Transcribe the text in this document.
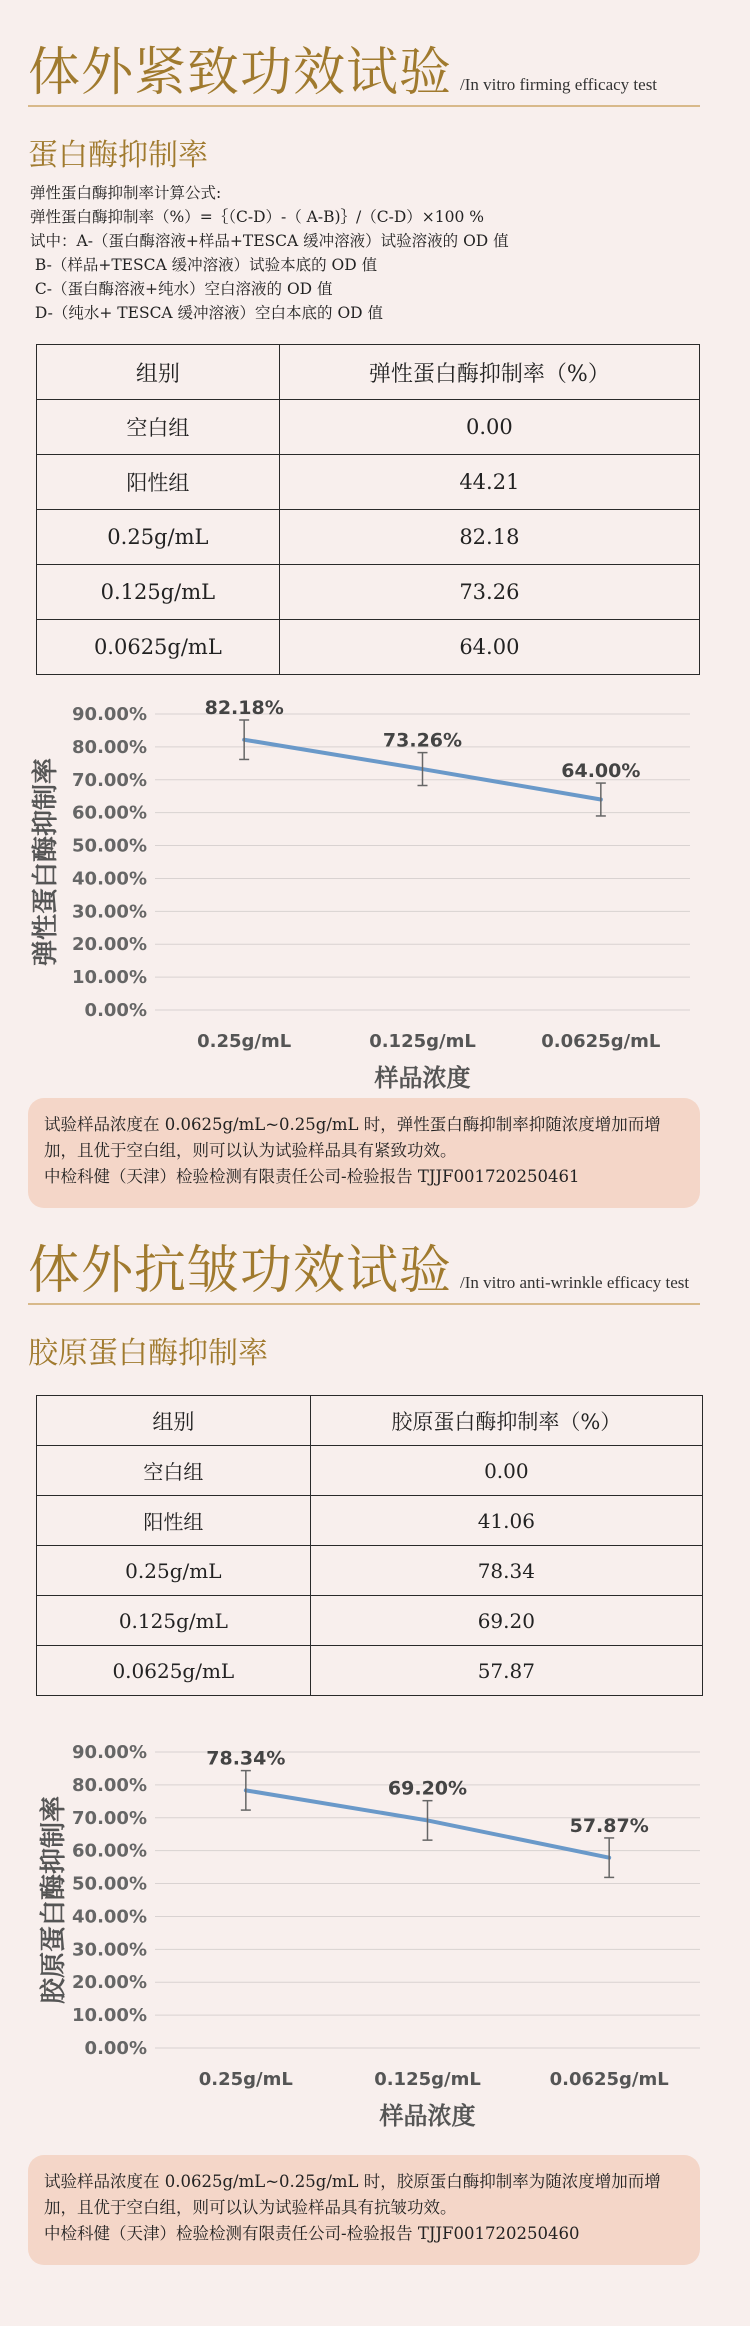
体外紧致功效试验 /In vitro firming efficacy test
蛋白酶抑制率
弹性蛋白酶抑制率计算公式:
弹性蛋白酶抑制率（%）=｛（C-D）-（ A-B)｝/（C-D）×100 %
试中：A-（蛋白酶溶液+样品+TESCA 缓冲溶液）试验溶液的 OD 值
B-（样品+TESCA 缓冲溶液）试验本底的 OD 值
C-（蛋白酶溶液+纯水）空白溶液的 OD 值
D-（纯水+ TESCA 缓冲溶液）空白本底的 OD 值
组别	弹性蛋白酶抑制率（%）
空白组	0.00
阳性组	44.21
0.25g/mL	82.18
0.125g/mL	73.26
0.0625g/mL	64.00
0.00%
10.00%
20.00%
30.00%
40.00%
50.00%
60.00%
70.00%
80.00%
90.00%
0.25g/mL	0.125g/mL	0.0625g/mL
样品浓度
弹性蛋白酶抑制率
82.18%
73.26%
64.00%
试验样品浓度在 0.0625g/mL~0.25g/mL 时，弹性蛋白酶抑制率抑随浓度增加而增
加，且优于空白组，则可以认为试验样品具有紧致功效。
中检科健（天津）检验检测有限责任公司-检验报告 TJJF001720250461
体外抗皱功效试验 /In vitro anti-wrinkle efficacy test
胶原蛋白酶抑制率
组别	胶原蛋白酶抑制率（%）
空白组	0.00
阳性组	41.06
0.25g/mL	78.34
0.125g/mL	69.20
0.0625g/mL	57.87
0.00%
10.00%
20.00%
30.00%
40.00%
50.00%
60.00%
70.00%
80.00%
90.00%
0.25g/mL	0.125g/mL	0.0625g/mL
样品浓度
胶原蛋白酶抑制率
78.34%
69.20%
57.87%
试验样品浓度在 0.0625g/mL~0.25g/mL 时，胶原蛋白酶抑制率为随浓度增加而增
加，且优于空白组，则可以认为试验样品具有抗皱功效。
中检科健（天津）检验检测有限责任公司-检验报告 TJJF001720250460
